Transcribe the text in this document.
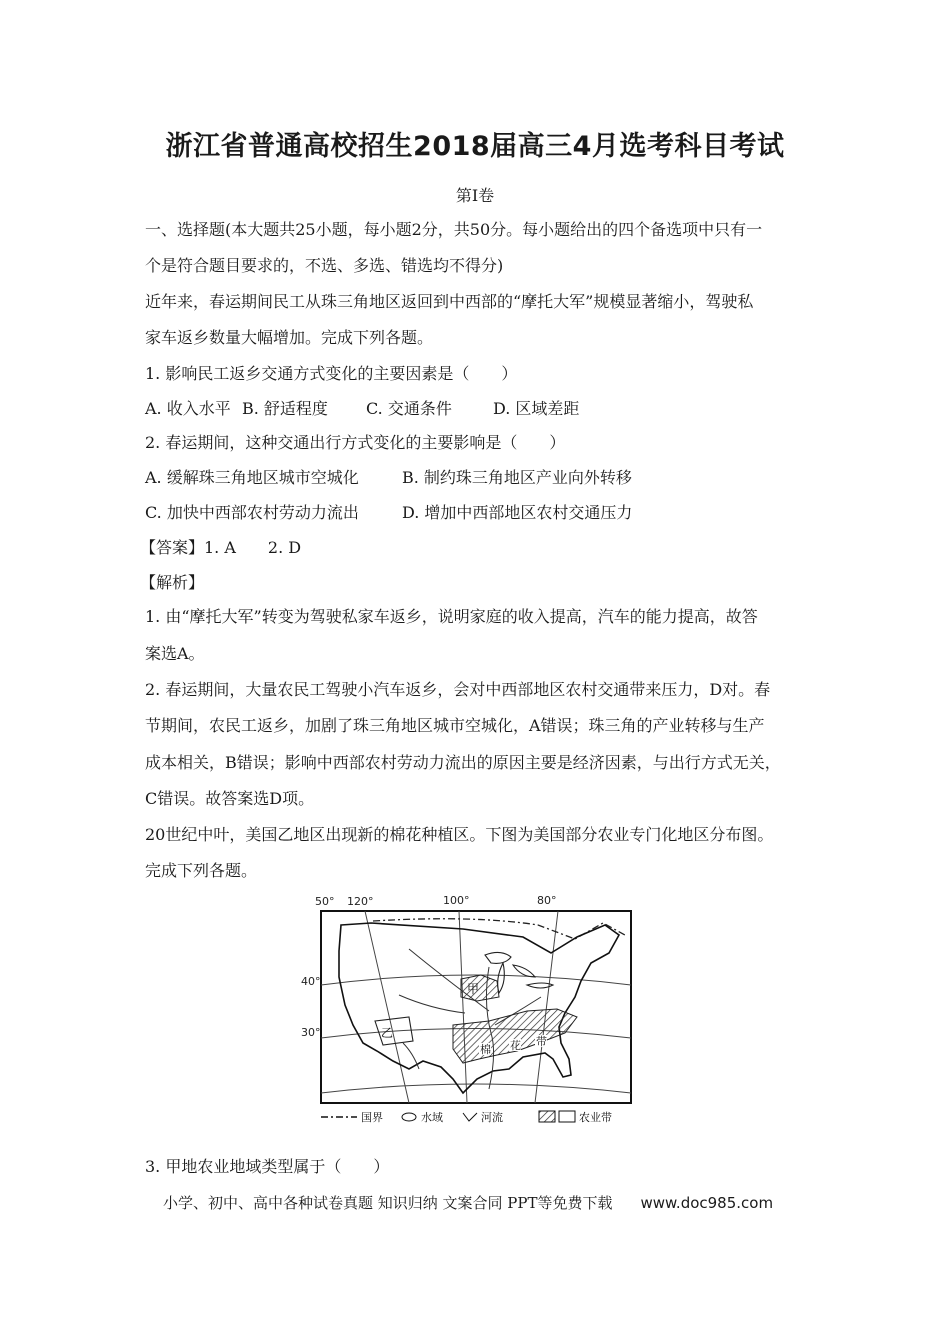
浙江省普通高校招生2018届高三4月选考科目考试
第Ⅰ卷
一、选择题(本大题共25小题，每小题2分，共50分。每小题给出的四个备选项中只有一
个是符合题目要求的，不选、多选、错选均不得分)
近年来，春运期间民工从珠三角地区返回到中西部的“摩托大军”规模显著缩小，驾驶私
家车返乡数量大幅增加。完成下列各题。
1. 影响民工返乡交通方式变化的主要因素是（　　）
A. 收入水平 B. 舒适程度 C. 交通条件	D. 区域差距
2. 春运期间，这种交通出行方式变化的主要影响是（　　）
A. 缓解珠三角地区城市空城化	B. 制约珠三角地区产业向外转移
C. 加快中西部农村劳动力流出	D. 增加中西部地区农村交通压力
【答案】1. A　　2. D
【解析】
1. 由“摩托大军”转变为驾驶私家车返乡，说明家庭的收入提高，汽车的能力提高，故答
案选A。
2. 春运期间，大量农民工驾驶小汽车返乡，会对中西部地区农村交通带来压力，D对。春
节期间，农民工返乡，加剧了珠三角地区城市空城化，A错误；珠三角的产业转移与生产
成本相关，B错误；影响中西部农村劳动力流出的原因主要是经济因素，与出行方式无关，
C错误。故答案选D项。
20世纪中叶，美国乙地区出现新的棉花种植区。下图为美国部分农业专门化地区分布图。
完成下列各题。
50° 120°	100°	80°
40°
30°
甲
乙
棉 花 带
国界	水域	河流	农业带
3. 甲地农业地域类型属于（　　）
小学、初中、高中各种试卷真题 知识归纳 文案合同 PPT等免费下载 www.doc985.com
